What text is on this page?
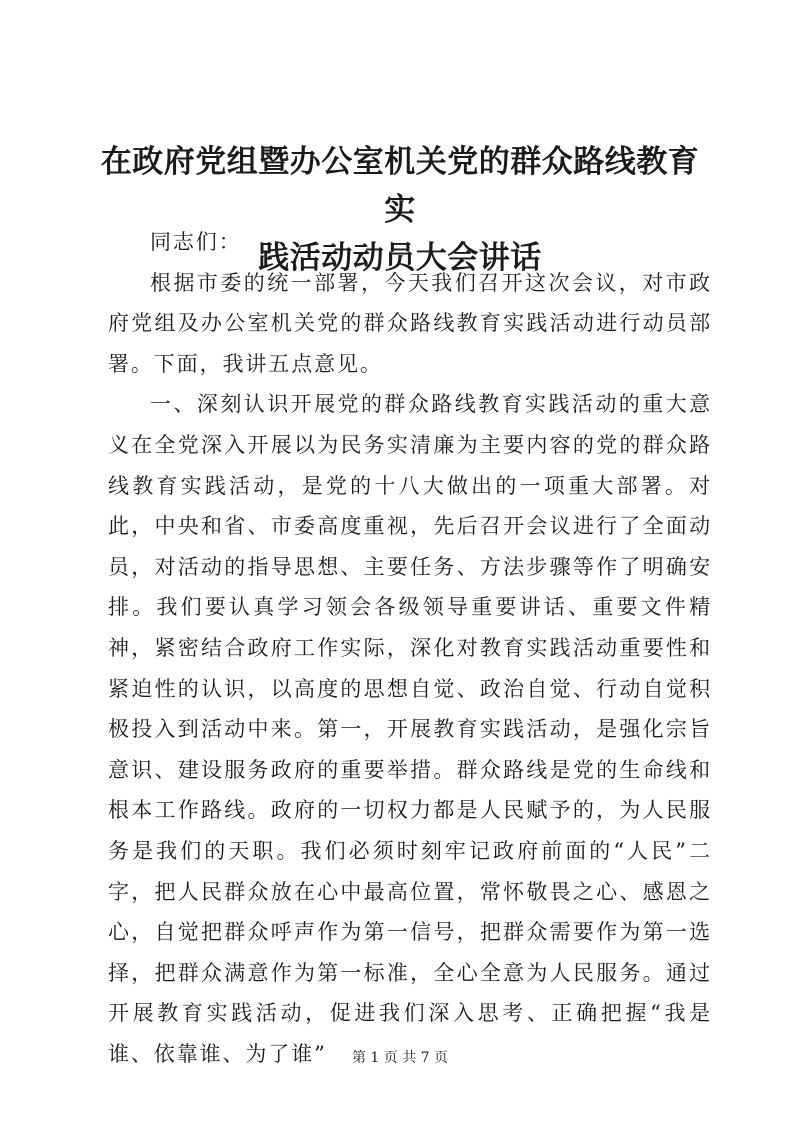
在政府党组暨办公室机关党的群众路线教育实
践活动动员大会讲话

同志们：

根据市委的统一部署，今天我们召开这次会议，对市政府党组及办公室机关党的群众路线教育实践活动进行动员部署。下面，我讲五点意见。

一、深刻认识开展党的群众路线教育实践活动的重大意义在全党深入开展以为民务实清廉为主要内容的党的群众路线教育实践活动，是党的十八大做出的一项重大部署。对此，中央和省、市委高度重视，先后召开会议进行了全面动员，对活动的指导思想、主要任务、方法步骤等作了明确安排。我们要认真学习领会各级领导重要讲话、重要文件精神，紧密结合政府工作实际，深化对教育实践活动重要性和紧迫性的认识，以高度的思想自觉、政治自觉、行动自觉积极投入到活动中来。第一，开展教育实践活动，是强化宗旨意识、建设服务政府的重要举措。群众路线是党的生命线和根本工作路线。政府的一切权力都是人民赋予的，为人民服务是我们的天职。我们必须时刻牢记政府前面的“人民”二字，把人民群众放在心中最高位置，常怀敬畏之心、感恩之心，自觉把群众呼声作为第一信号，把群众需要作为第一选择，把群众满意作为第一标准，全心全意为人民服务。通过开展教育实践活动，促进我们深入思考、正确把握“我是谁、依靠谁、为了谁”	第 1 页 共 7 页
